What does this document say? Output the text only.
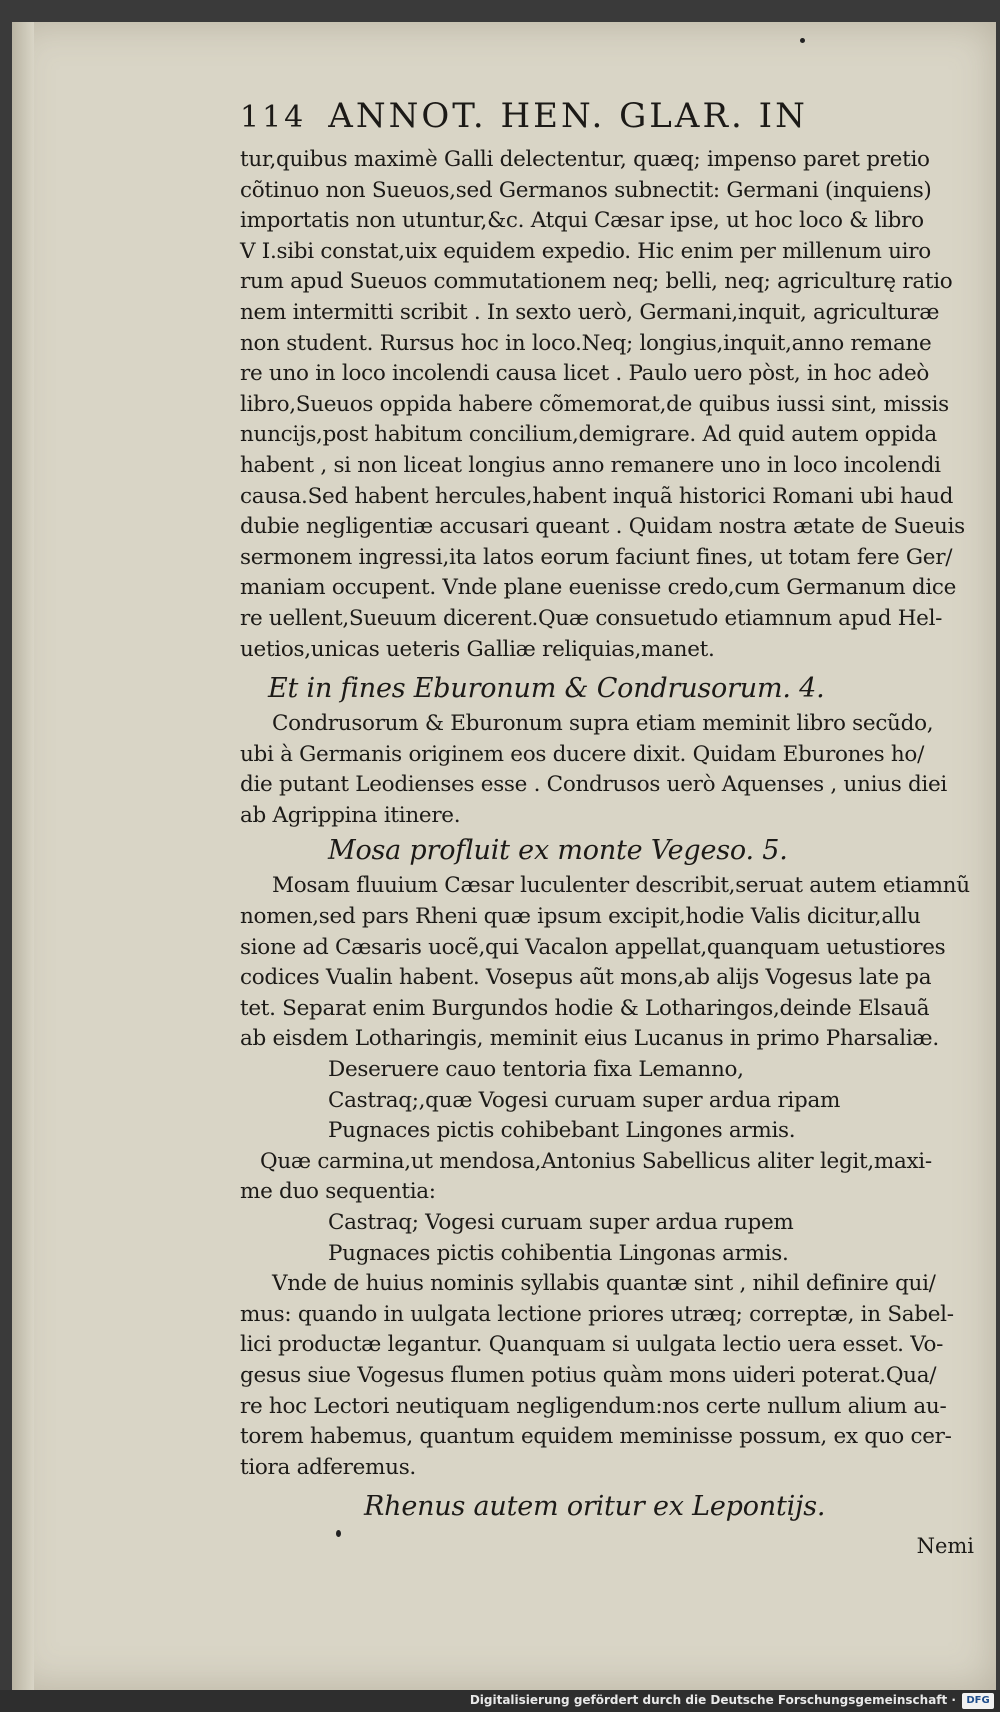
114 ANNOT. HEN. GLAR. IN
tur,quibus maximè Galli delectentur, quæq; impenso paret pretio
cõtinuo non Sueuos,sed Germanos subnectit: Germani (inquiens)
importatis non utuntur,&c. Atqui Cæsar ipse, ut hoc loco & libro
V I.sibi constat,uix equidem expedio. Hic enim per millenum uiro
rum apud Sueuos commutationem neq; belli, neq; agriculturę ratio
nem intermitti scribit . In sexto uerò, Germani,inquit, agriculturæ
non student. Rursus hoc in loco.Neq; longius,inquit,anno remane
re uno in loco incolendi causa licet . Paulo uero pòst, in hoc adeò
libro,Sueuos oppida habere cõmemorat,de quibus iussi sint, missis
nuncijs,post habitum concilium,demigrare. Ad quid autem oppida
habent , si non liceat longius anno remanere uno in loco incolendi
causa.Sed habent hercules,habent inquã historici Romani ubi haud
dubie negligentiæ accusari queant . Quidam nostra ætate de Sueuis
sermonem ingressi,ita latos eorum faciunt fines, ut totam fere Ger/
maniam occupent. Vnde plane euenisse credo,cum Germanum dice
re uellent,Sueuum dicerent.Quæ consuetudo etiamnum apud Hel-
uetios,unicas ueteris Galliæ reliquias,manet.
Et in fines Eburonum & Condrusorum. 4.
Condrusorum & Eburonum supra etiam meminit libro secũdo,
ubi à Germanis originem eos ducere dixit. Quidam Eburones ho/
die putant Leodienses esse . Condrusos uerò Aquenses , unius diei
ab Agrippina itinere.
Mosa profluit ex monte Vegeso. 5.
Mosam fluuium Cæsar luculenter describit,seruat autem etiamnũ
nomen,sed pars Rheni quæ ipsum excipit,hodie Valis dicitur,allu
sione ad Cæsaris uocẽ,qui Vacalon appellat,quanquam uetustiores
codices Vualin habent. Vosepus aũt mons,ab alijs Vogesus late pa
tet. Separat enim Burgundos hodie & Lotharingos,deinde Elsauã
ab eisdem Lotharingis, meminit eius Lucanus in primo Pharsaliæ.
Deseruere cauo tentoria fixa Lemanno,
Castraq;,quæ Vogesi curuam super ardua ripam
Pugnaces pictis cohibebant Lingones armis.
Quæ carmina,ut mendosa,Antonius Sabellicus aliter legit,maxi-
me duo sequentia:
Castraq; Vogesi curuam super ardua rupem
Pugnaces pictis cohibentia Lingonas armis.
Vnde de huius nominis syllabis quantæ sint , nihil definire qui/
mus: quando in uulgata lectione priores utræq; correptæ, in Sabel-
lici productæ legantur. Quanquam si uulgata lectio uera esset. Vo-
gesus siue Vogesus flumen potius quàm mons uideri poterat.Qua/
re hoc Lectori neutiquam negligendum:nos certe nullum alium au-
torem habemus, quantum equidem meminisse possum, ex quo cer-
tiora adferemus.
Rhenus autem oritur ex Lepontijs.
Nemi
Digitalisierung gefördert durch die Deutsche Forschungsgemeinschaft ·	DFG
